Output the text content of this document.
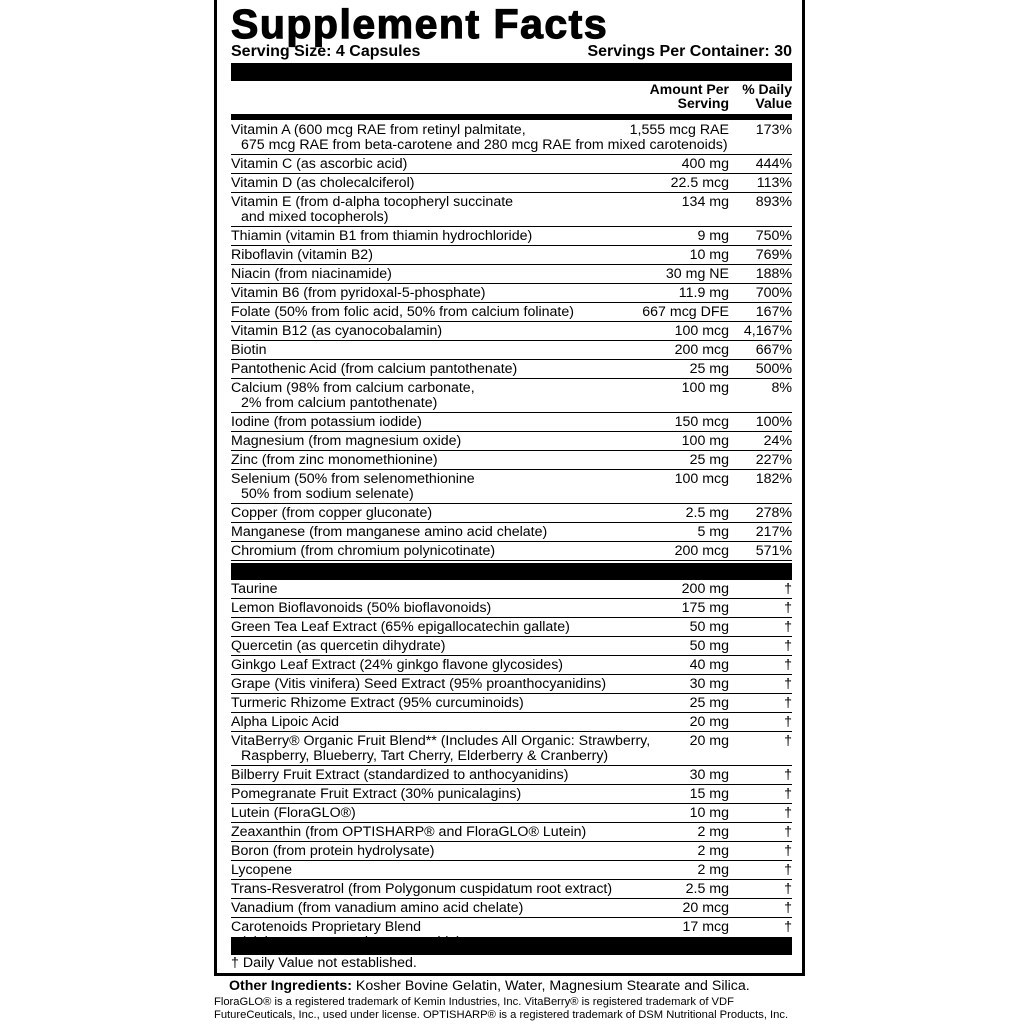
Supplement Facts
Serving Size: 4 Capsules	Servings Per Container: 30
Amount Per
Serving
% Daily
Value
Vitamin A (600 mcg RAE from retinyl palmitate,
675 mcg RAE from beta-carotene and 280 mcg RAE from mixed carotenoids)
1,555 mcg RAE 173%
Vitamin C (as ascorbic acid)	400 mg 444%
Vitamin D (as cholecalciferol)	22.5 mcg 113%
Vitamin E (from d-alpha tocopheryl succinate
and mixed tocopherols)
134 mg 893%
Thiamin (vitamin B1 from thiamin hydrochloride)	9 mg 750%
Riboflavin (vitamin B2)	10 mg 769%
Niacin (from niacinamide)	30 mg NE 188%
Vitamin B6 (from pyridoxal-5-phosphate)	11.9 mg 700%
Folate (50% from folic acid, 50% from calcium folinate)	667 mcg DFE 167%
Vitamin B12 (as cyanocobalamin)	100 mcg 4,167%
Biotin	200 mcg 667%
Pantothenic Acid (from calcium pantothenate)	25 mg 500%
Calcium (98% from calcium carbonate,
2% from calcium pantothenate)
100 mg	8%
Iodine (from potassium iodide)	150 mcg 100%
Magnesium (from magnesium oxide)	100 mg 24%
Zinc (from zinc monomethionine)	25 mg 227%
Selenium (50% from selenomethionine
50% from sodium selenate)
100 mcg 182%
Copper (from copper gluconate)	2.5 mg 278%
Manganese (from manganese amino acid chelate)	5 mg 217%
Chromium (from chromium polynicotinate)	200 mcg 571%
Taurine	200 mg	†
Lemon Bioflavonoids (50% bioflavonoids)	175 mg	†
Green Tea Leaf Extract (65% epigallocatechin gallate)	50 mg	†
Quercetin (as quercetin dihydrate)	50 mg	†
Ginkgo Leaf Extract (24% ginkgo flavone glycosides)	40 mg	†
Grape (Vitis vinifera) Seed Extract (95% proanthocyanidins)	30 mg	†
Turmeric Rhizome Extract (95% curcuminoids)	25 mg	†
Alpha Lipoic Acid	20 mg	†
VitaBerry® Organic Fruit Blend** (Includes All Organic: Strawberry,
Raspberry, Blueberry, Tart Cherry, Elderberry & Cranberry)
20 mg	†
Bilberry Fruit Extract (standardized to anthocyanidins)	30 mg	†
Pomegranate Fruit Extract (30% punicalagins)	15 mg	†
Lutein (FloraGLO®)	10 mg	†
Zeaxanthin (from OPTISHARP® and FloraGLO® Lutein)	2 mg	†
Boron (from protein hydrolysate)	2 mg	†
Lycopene	2 mg	†
Trans-Resveratrol (from Polygonum cuspidatum root extract)	2.5 mg	†
Vanadium (from vanadium amino acid chelate)	20 mcg	†
Carotenoids Proprietary Blend	17 mcg	†
† Daily Value not established.
Other Ingredients: Kosher Bovine Gelatin, Water, Magnesium Stearate and Silica.
FloraGLO® is a registered trademark of Kemin Industries, Inc. VitaBerry® is registered trademark of VDF
FutureCeuticals, Inc., used under license. OPTISHARP® is a registered trademark of DSM Nutritional Products, Inc.
